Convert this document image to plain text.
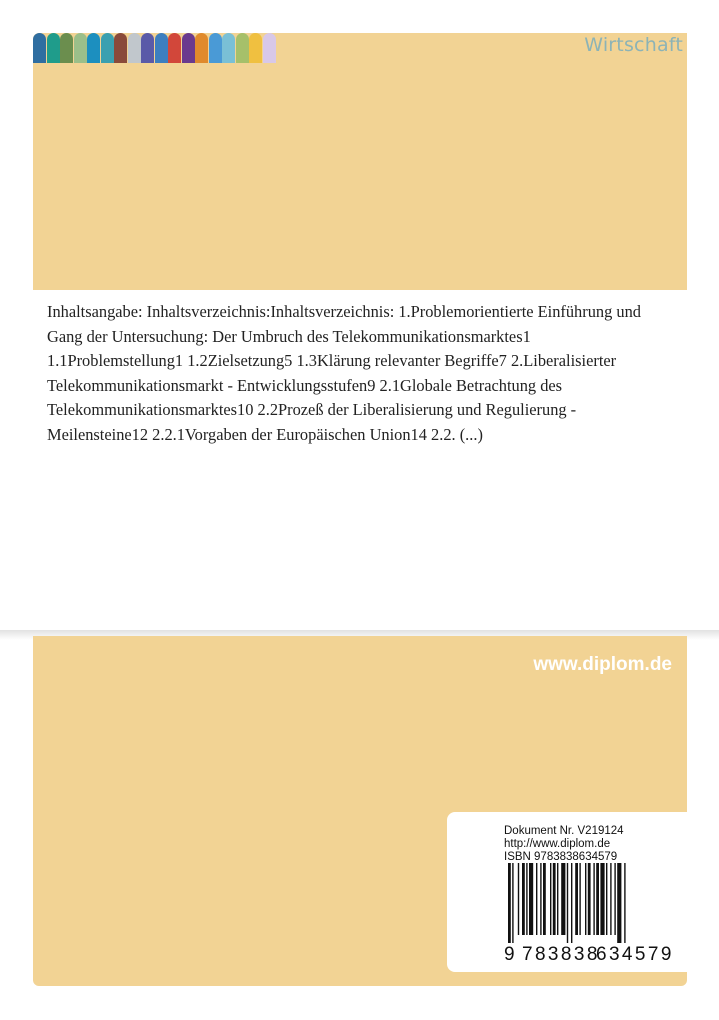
Wirtschaft
Inhaltsangabe: Inhaltsverzeichnis:Inhaltsverzeichnis: 1.Problemorientierte Einführung und Gang der Untersuchung: Der Umbruch des Telekommunikationsmarktes1 1.1Problemstellung1 1.2Zielsetzung5 1.3Klärung relevanter Begriffe7 2.Liberalisierter Telekommunikationsmarkt - Entwicklungsstufen9 2.1Globale Betrachtung des Telekommunikationsmarktes10 2.2Prozeß der Liberalisierung und Regulierung - Meilensteine12 2.2.1Vorgaben der Europäischen Union14 2.2. (...)
www.diplom.de
Dokument Nr. V219124
http://www.diplom.de
ISBN 9783838634579
9 783838
634579
